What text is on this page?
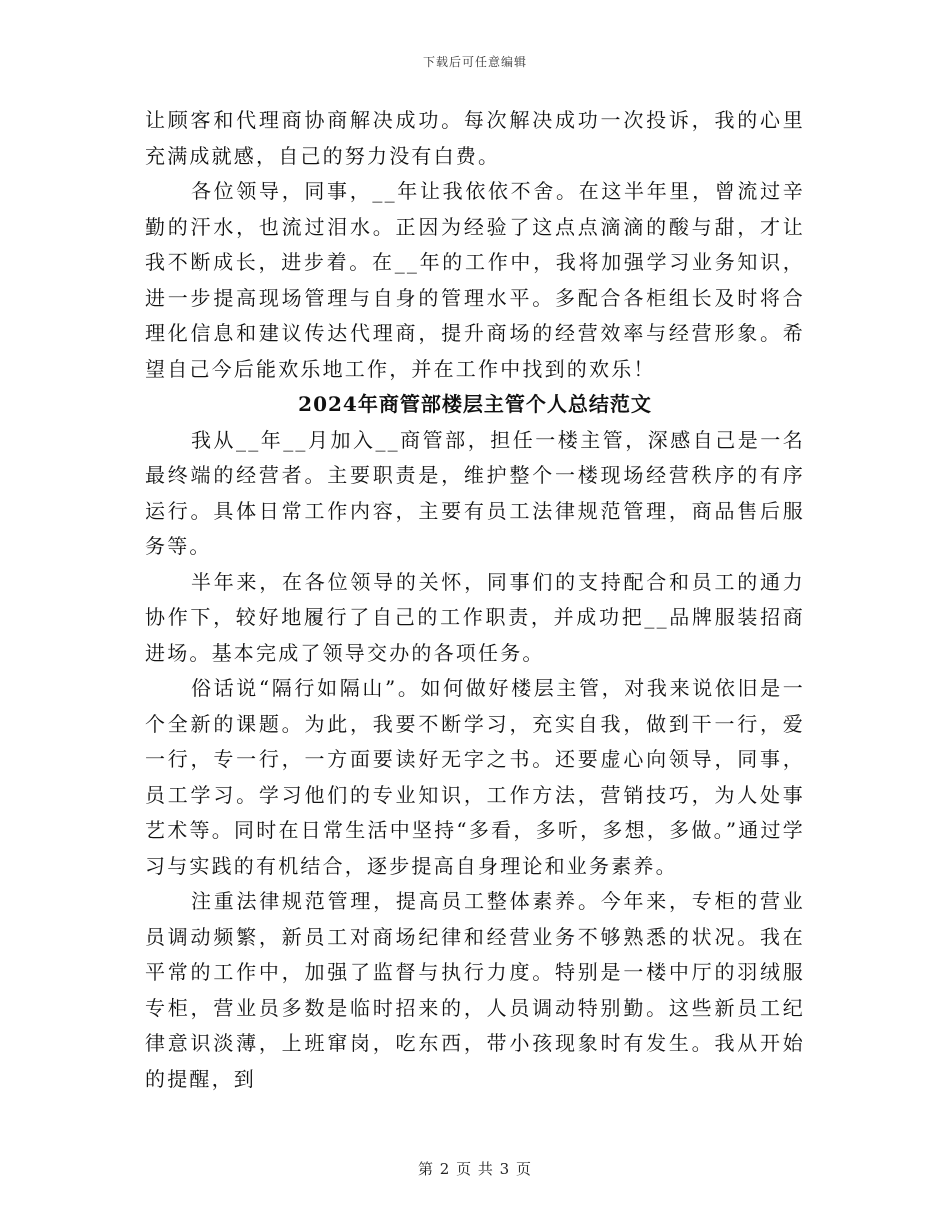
下载后可任意编辑

让顾客和代理商协商解决成功。每次解决成功一次投诉，我的心里充满成就感，自己的努力没有白费。

各位领导，同事，__年让我依依不舍。在这半年里，曾流过辛勤的汗水，也流过泪水。正因为经验了这点点滴滴的酸与甜，才让我不断成长，进步着。在__年的工作中，我将加强学习业务知识，进一步提高现场管理与自身的管理水平。多配合各柜组长及时将合理化信息和建议传达代理商，提升商场的经营效率与经营形象。希望自己今后能欢乐地工作，并在工作中找到的欢乐！

2024年商管部楼层主管个人总结范文

我从__年__月加入__商管部，担任一楼主管，深感自己是一名最终端的经营者。主要职责是，维护整个一楼现场经营秩序的有序运行。具体日常工作内容，主要有员工法律规范管理，商品售后服务等。

半年来，在各位领导的关怀，同事们的支持配合和员工的通力协作下，较好地履行了自己的工作职责，并成功把__品牌服装招商进场。基本完成了领导交办的各项任务。

俗话说“隔行如隔山”。如何做好楼层主管，对我来说依旧是一个全新的课题。为此，我要不断学习，充实自我，做到干一行，爱一行，专一行，一方面要读好无字之书。还要虚心向领导，同事，员工学习。学习他们的专业知识，工作方法，营销技巧，为人处事艺术等。同时在日常生活中坚持“多看，多听，多想，多做。”通过学习与实践的有机结合，逐步提高自身理论和业务素养。

注重法律规范管理，提高员工整体素养。今年来，专柜的营业员调动频繁，新员工对商场纪律和经营业务不够熟悉的状况。我在平常的工作中，加强了监督与执行力度。特别是一楼中厅的羽绒服专柜，营业员多数是临时招来的，人员调动特别勤。这些新员工纪律意识淡薄，上班窜岗，吃东西，带小孩现象时有发生。我从开始的提醒，到

第 2 页 共 3 页
